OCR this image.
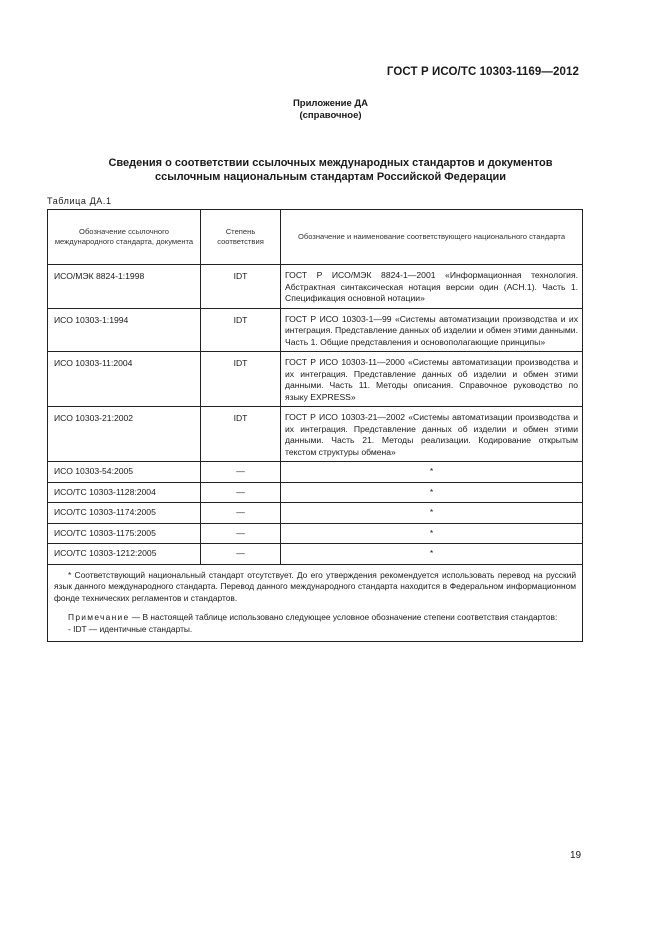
ГОСТ Р ИСО/ТС 10303-1169—2012
Приложение ДА
(справочное)
Сведения о соответствии ссылочных международных стандартов и документов
ссылочным национальным стандартам Российской Федерации
Таблица ДА.1
Обозначение ссылочного международного стандарта, документа	Степень соответствия	Обозначение и наименование соответствующего национального стандарта
ИСО/МЭК 8824-1:1998	IDT	ГОСТ Р ИСО/МЭК 8824-1—2001 «Информационная технология. Абстрактная синтаксическая нотация версии один (АСН.1). Часть 1. Спецификация основной нотации»
ИСО 10303-1:1994	IDT	ГОСТ Р ИСО 10303-1—99 «Системы автоматизации производства и их интеграция. Представление данных об изделии и обмен этими данными. Часть 1. Общие представления и основополагающие принципы»
ИСО 10303-11:2004	IDT	ГОСТ Р ИСО 10303-11—2000 «Системы автоматизации производства и их интеграция. Представление данных об изделии и обмен этими данными. Часть 11. Методы описания. Справочное руководство по языку EXPRESS»
ИСО 10303-21:2002	IDT	ГОСТ Р ИСО 10303-21—2002 «Системы автоматизации производства и их интеграция. Представление данных об изделии и обмен этими данными. Часть 21. Методы реализации. Кодирование открытым текстом структуры обмена»
ИСО 10303-54:2005	—	*
ИСО/ТС 10303-1128:2004	—	*
ИСО/ТС 10303-1174:2005	—	*
ИСО/ТС 10303-1175:2005	—	*
ИСО/ТС 10303-1212:2005	—	*

* Соответствующий национальный стандарт отсутствует. До его утверждения рекомендуется использовать перевод на русский язык данного международного стандарта. Перевод данного международного стандарта находится в Федеральном информационном фонде технических регламентов и стандартов.

Примечание — В настоящей таблице использовано следующее условное обозначение степени соответствия стандартов:

- IDT — идентичные стандарты.		

19
